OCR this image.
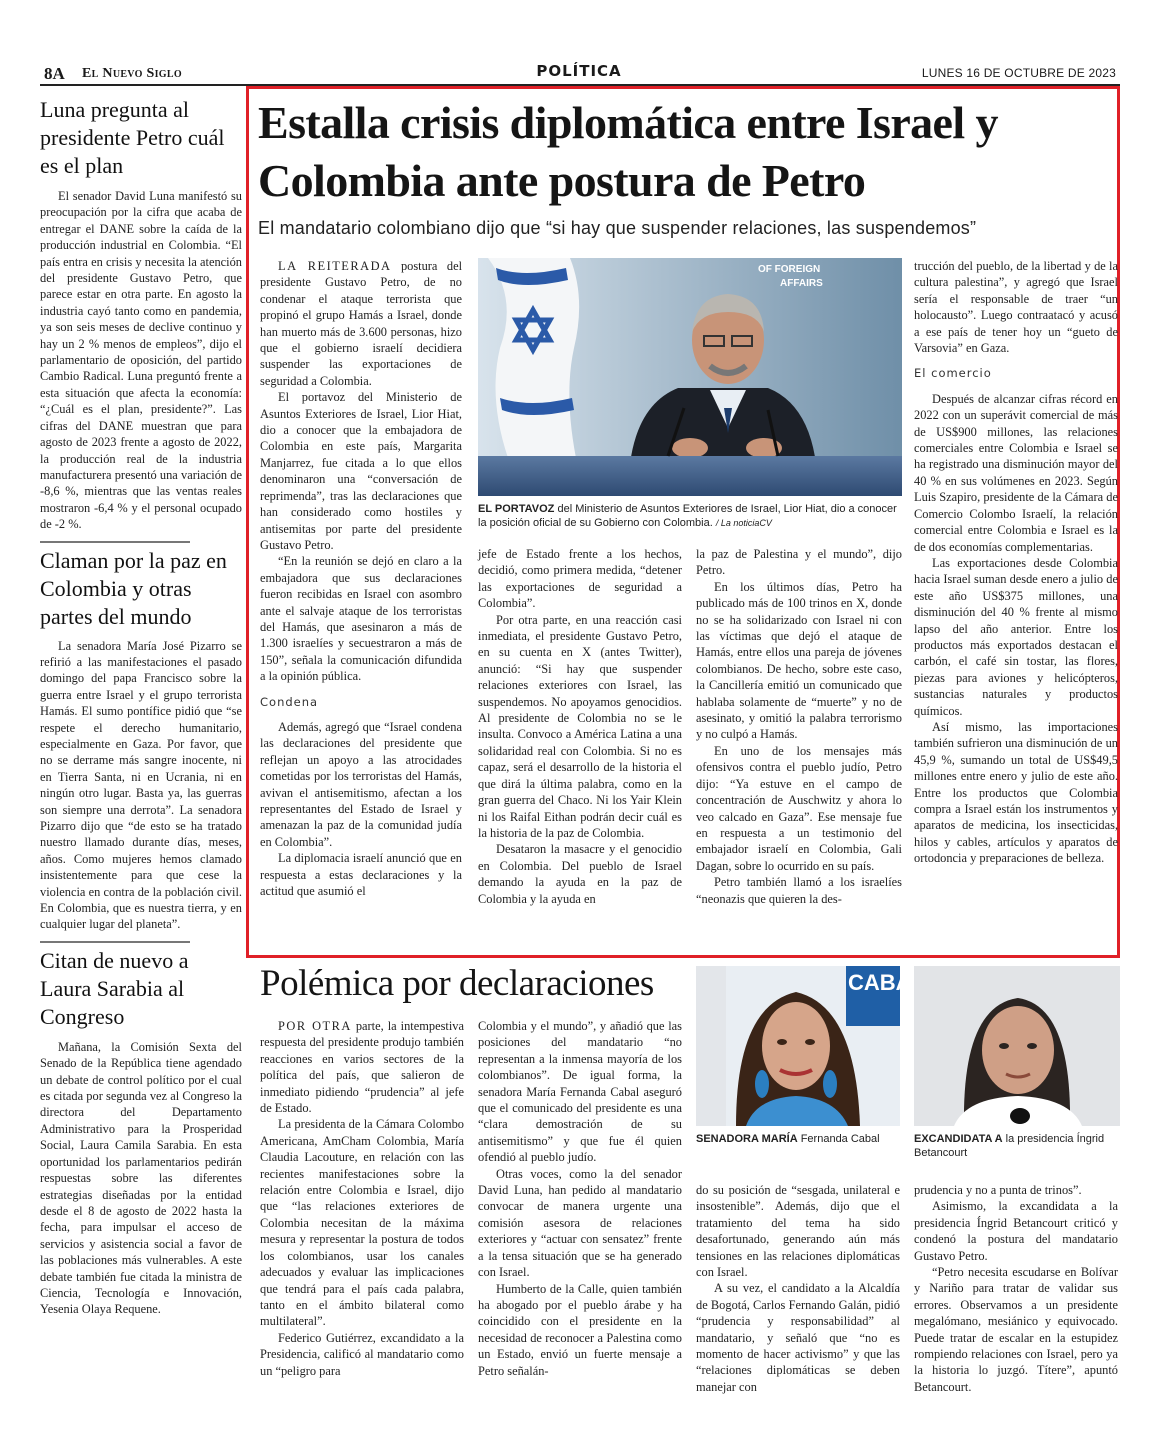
8A El Nuevo Siglo	POLÍTICA	LUNES 16 DE OCTUBRE DE 2023
Luna pregunta al presidente Petro cuál es el plan
El senador David Luna manifestó su preocupación por la cifra que acaba de entregar el DANE sobre la caída de la producción industrial en Colombia. “El país entra en crisis y necesita la atención del presidente Gustavo Petro, que parece estar en otra parte. En agosto la industria cayó tanto como en pandemia, ya son seis meses de declive continuo y hay un 2 % menos de empleos”, dijo el parlamentario de oposición, del partido Cambio Radical. Luna preguntó frente a esta situación que afecta la economía: “¿Cuál es el plan, presidente?”. Las cifras del DANE muestran que para agosto de 2023 frente a agosto de 2022, la producción real de la industria manufacturera presentó una variación de -8,6 %, mientras que las ventas reales mostraron -6,4 % y el personal ocupado de -2 %.
Claman por la paz en Colombia y otras partes del mundo
La senadora María José Pizarro se refirió a las manifestaciones el pasado domingo del papa Francisco sobre la guerra entre Israel y el grupo terrorista Hamás. El sumo pontífice pidió que “se respete el derecho humanitario, especialmente en Gaza. Por favor, que no se derrame más sangre inocente, ni en Tierra Santa, ni en Ucrania, ni en ningún otro lugar. Basta ya, las guerras son siempre una derrota”. La senadora Pizarro dijo que “de esto se ha tratado nuestro llamado durante días, meses, años. Como mujeres hemos clamado insistentemente para que cese la violencia en contra de la población civil. En Colombia, que es nuestra tierra, y en cualquier lugar del planeta”.
Citan de nuevo a Laura Sarabia al Congreso
Mañana, la Comisión Sexta del Senado de la República tiene agendado un debate de control político por el cual es citada por segunda vez al Congreso la directora del Departamento Administrativo para la Prosperidad Social, Laura Camila Sarabia. En esta oportunidad los parlamentarios pedirán respuestas sobre las diferentes estrategias diseñadas por la entidad desde el 8 de agosto de 2022 hasta la fecha, para impulsar el acceso de servicios y asistencia social a favor de las poblaciones más vulnerables. A este debate también fue citada la ministra de Ciencia, Tecnología e Innovación, Yesenia Olaya Requene.
Estalla crisis diplomática entre Israel y Colombia ante postura de Petro
El mandatario colombiano dijo que “si hay que suspender relaciones, las suspendemos”

LA REITERADA postura del presidente Gustavo Petro, de no condenar el ataque terrorista que propinó el grupo Hamás a Israel, donde han muerto más de 3.600 personas, hizo que el gobierno israelí decidiera suspender las exportaciones de seguridad a Colombia.

El portavoz del Ministerio de Asuntos Exteriores de Israel, Lior Hiat, dio a conocer que la embajadora de Colombia en este país, Margarita Manjarrez, fue citada a lo que ellos denominaron una “conversación de reprimenda”, tras las declaraciones que han considerado como hostiles y antisemitas por parte del presidente Gustavo Petro.

“En la reunión se dejó en claro a la embajadora que sus declaraciones fueron recibidas en Israel con asombro ante el salvaje ataque de los terroristas del Hamás, que asesinaron a más de 1.300 israelíes y secuestraron a más de 150”, señala la comunicación difundida a la opinión pública.

Condena

Además, agregó que “Israel condena las declaraciones del presidente que reflejan un apoyo a las atrocidades cometidas por los terroristas del Hamás, avivan el antisemitismo, afectan a los representantes del Estado de Israel y amenazan la paz de la comunidad judía en Colombia”.

La diplomacia israelí anunció que en respuesta a estas declaraciones y la actitud que asumió el

OF FOREIGN
AFFAIRS
EL PORTAVOZ del Ministerio de Asuntos Exteriores de Israel, Lior Hiat, dio a conocer la posición oficial de su Gobierno con Colombia. / La noticiaCV

jefe de Estado frente a los hechos, decidió, como primera medida, “detener las exportaciones de seguridad a Colombia”.

Por otra parte, en una reacción casi inmediata, el presidente Gustavo Petro, en su cuenta en X (antes Twitter), anunció: “Si hay que suspender relaciones exteriores con Israel, las suspendemos. No apoyamos genocidios. Al presidente de Colombia no se le insulta. Convoco a América Latina a una solidaridad real con Colombia. Si no es capaz, será el desarrollo de la historia el que dirá la última palabra, como en la gran guerra del Chaco. Ni los Yair Klein ni los Raifal Eithan podrán decir cuál es la historia de la paz de Colombia.

Desataron la masacre y el genocidio en Colombia. Del pueblo de Israel demando la ayuda en la paz de Colombia y la ayuda en

la paz de Palestina y el mundo”, dijo Petro.

En los últimos días, Petro ha publicado más de 100 trinos en X, donde no se ha solidarizado con Israel ni con las víctimas que dejó el ataque de Hamás, entre ellos una pareja de jóvenes colombianos. De hecho, sobre este caso, la Cancillería emitió un comunicado que hablaba solamente de “muerte” y no de asesinato, y omitió la palabra terrorismo y no culpó a Hamás.

En uno de los mensajes más ofensivos contra el pueblo judío, Petro dijo: “Ya estuve en el campo de concentración de Auschwitz y ahora lo veo calcado en Gaza”. Ese mensaje fue en respuesta a un testimonio del embajador israelí en Colombia, Gali Dagan, sobre lo ocurrido en su país.

Petro también llamó a los israelíes “neonazis que quieren la des-

trucción del pueblo, de la libertad y de la cultura palestina”, y agregó que Israel sería el responsable de traer “un holocausto”. Luego contraatacó y acusó a ese país de tener hoy un “gueto de Varsovia” en Gaza.

El comercio

Después de alcanzar cifras récord en 2022 con un superávit comercial de más de US$900 millones, las relaciones comerciales entre Colombia e Israel se ha registrado una disminución mayor del 40 % en sus volúmenes en 2023. Según Luis Szapiro, presidente de la Cámara de Comercio Colombo Israelí, la relación comercial entre Colombia e Israel es la de dos economías complementarias.

Las exportaciones desde Colombia hacia Israel suman desde enero a julio de este año US$375 millones, una disminución del 40 % frente al mismo lapso del año anterior. Entre los productos más exportados destacan el carbón, el café sin tostar, las flores, piezas para aviones y helicópteros, sustancias naturales y productos químicos.

Así mismo, las importaciones también sufrieron una disminución de un 45,9 %, sumando un total de US$49,5 millones entre enero y julio de este año. Entre los productos que Colombia compra a Israel están los instrumentos y aparatos de medicina, los insecticidas, hilos y cables, artículos y aparatos de ortodoncia y preparaciones de belleza.

Polémica por declaraciones

POR OTRA parte, la intempestiva respuesta del presidente produjo también reacciones en varios sectores de la política del país, que salieron de inmediato pidiendo “prudencia” al jefe de Estado.

La presidenta de la Cámara Colombo Americana, AmCham Colombia, María Claudia Lacouture, en relación con las recientes manifestaciones sobre la relación entre Colombia e Israel, dijo que “las relaciones exteriores de Colombia necesitan de la máxima mesura y representar la postura de todos los colombianos, usar los canales adecuados y evaluar las implicaciones que tendrá para el país cada palabra, tanto en el ámbito bilateral como multilateral”.

Federico Gutiérrez, excandidato a la Presidencia, calificó al mandatario como un “peligro para

Colombia y el mundo”, y añadió que las posiciones del mandatario “no representan a la inmensa mayoría de los colombianos”. De igual forma, la senadora María Fernanda Cabal aseguró que el comunicado del presidente es una “clara demostración de su antisemitismo” y que fue él quien ofendió al pueblo judío.

Otras voces, como la del senador David Luna, han pedido al mandatario convocar de manera urgente una comisión asesora de relaciones exteriores y “actuar con sensatez” frente a la tensa situación que se ha generado con Israel.

Humberto de la Calle, quien también ha abogado por el pueblo árabe y ha coincidido con el presidente en la necesidad de reconocer a Palestina como un Estado, envió un fuerte mensaje a Petro señalán-

CABA
SENADORA MARÍA Fernanda Cabal	EXCANDIDATA A la presidencia Íngrid Betancourt

do su posición de “sesgada, unilateral e insostenible”. Además, dijo que el tratamiento del tema ha sido desafortunado, generando aún más tensiones en las relaciones diplomáticas con Israel.

A su vez, el candidato a la Alcaldía de Bogotá, Carlos Fernando Galán, pidió “prudencia y responsabilidad” al mandatario, y señaló que “no es momento de hacer activismo” y que las “relaciones diplomáticas se deben manejar con

prudencia y no a punta de trinos”.

Asimismo, la excandidata a la presidencia Íngrid Betancourt criticó y condenó la postura del mandatario Gustavo Petro.

“Petro necesita escudarse en Bolívar y Nariño para tratar de validar sus errores. Observamos a un presidente megalómano, mesiánico y equivocado. Puede tratar de escalar en la estupidez rompiendo relaciones con Israel, pero ya la historia lo juzgó. Títere”, apuntó Betancourt.
